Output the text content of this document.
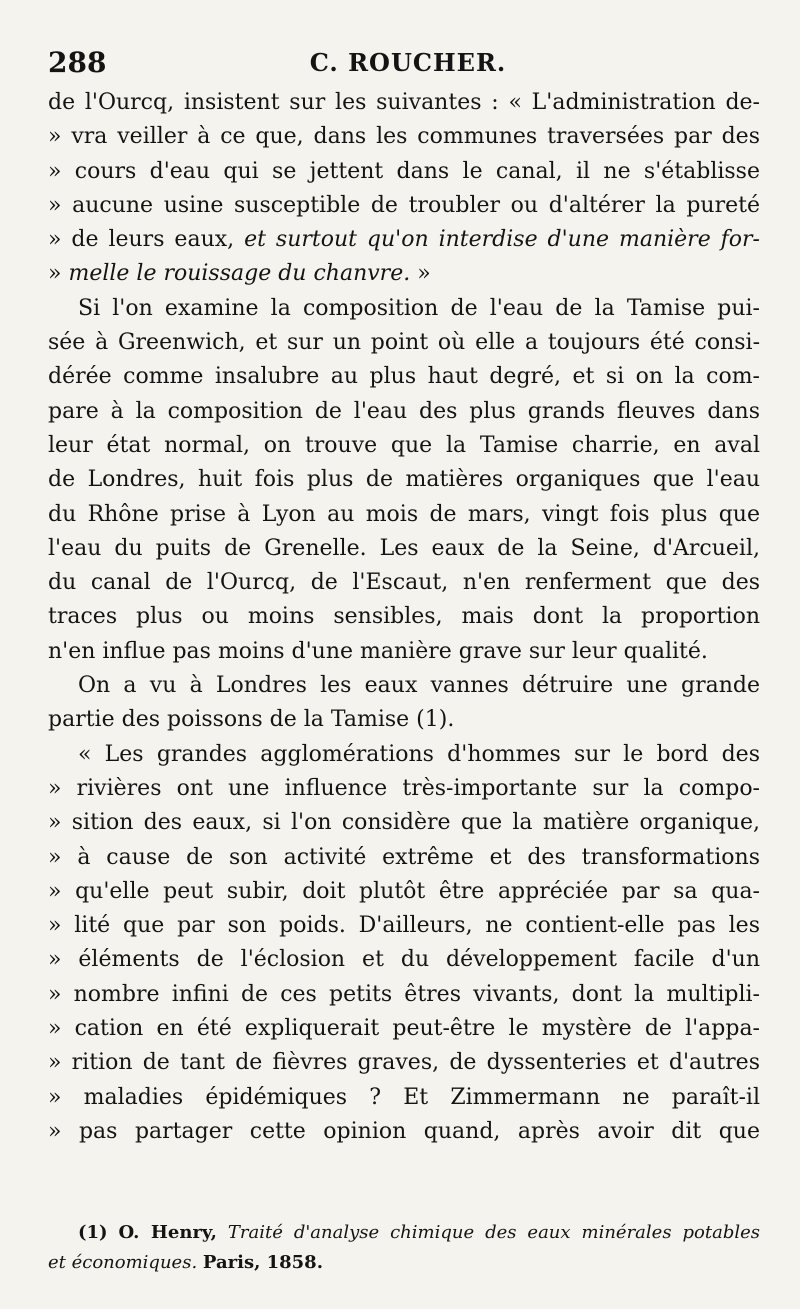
288	C. ROUCHER.
de l'Ourcq, insistent sur les suivantes : « L'administration de-
» vra veiller à ce que, dans les communes traversées par des
» cours d'eau qui se jettent dans le canal, il ne s'établisse
» aucune usine susceptible de troubler ou d'altérer la pureté
» de leurs eaux, et surtout qu'on interdise d'une manière for-
» melle le rouissage du chanvre. »
Si l'on examine la composition de l'eau de la Tamise pui-
sée à Greenwich, et sur un point où elle a toujours été consi-
dérée comme insalubre au plus haut degré, et si on la com-
pare à la composition de l'eau des plus grands fleuves dans
leur état normal, on trouve que la Tamise charrie, en aval
de Londres, huit fois plus de matières organiques que l'eau
du Rhône prise à Lyon au mois de mars, vingt fois plus que
l'eau du puits de Grenelle. Les eaux de la Seine, d'Arcueil,
du canal de l'Ourcq, de l'Escaut, n'en renferment que des
traces plus ou moins sensibles, mais dont la proportion
n'en influe pas moins d'une manière grave sur leur qualité.
On a vu à Londres les eaux vannes détruire une grande
partie des poissons de la Tamise (1).
« Les grandes agglomérations d'hommes sur le bord des
» rivières ont une influence très-importante sur la compo-
» sition des eaux, si l'on considère que la matière organique,
» à cause de son activité extrême et des transformations
» qu'elle peut subir, doit plutôt être appréciée par sa qua-
» lité que par son poids. D'ailleurs, ne contient-elle pas les
» éléments de l'éclosion et du développement facile d'un
» nombre infini de ces petits êtres vivants, dont la multipli-
» cation en été expliquerait peut-être le mystère de l'appa-
» rition de tant de fièvres graves, de dyssenteries et d'autres
» maladies épidémiques ? Et Zimmermann ne paraît-il
» pas partager cette opinion quand, après avoir dit que
(1) O. Henry, Traité d'analyse chimique des eaux minérales potables
et économiques. Paris, 1858.
